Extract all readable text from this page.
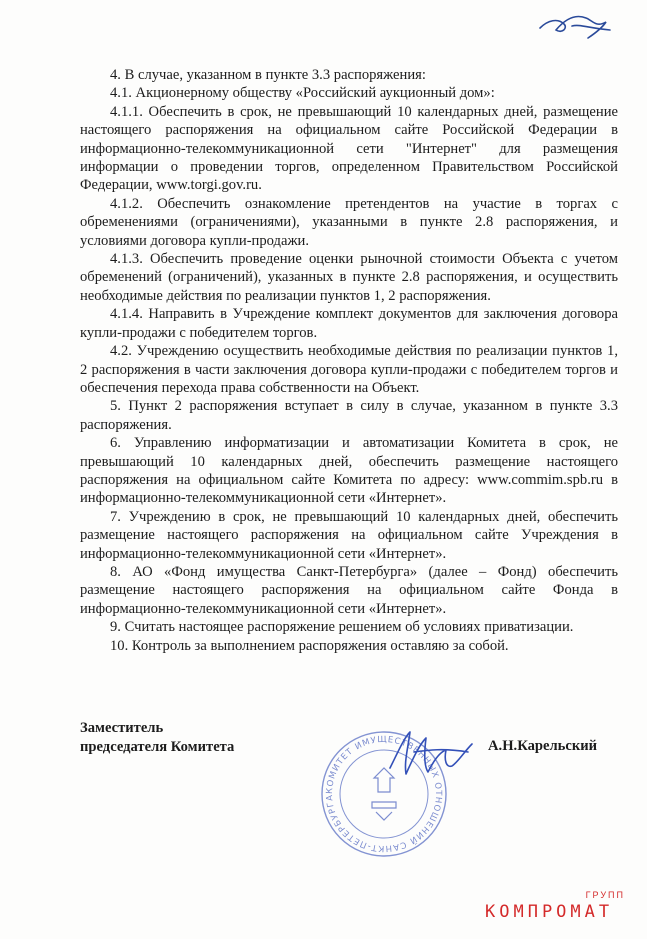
4. В случае, указанном в пункте 3.3 распоряжения:

4.1. Акционерному обществу «Российский аукционный дом»:

4.1.1. Обеспечить в срок, не превышающий 10 календарных дней, размещение настоящего распоряжения на официальном сайте Российской Федерации в информационно-телекоммуникационной сети "Интернет" для размещения информации о проведении торгов, определенном Правительством Российской Федерации, www.torgi.gov.ru.

4.1.2. Обеспечить ознакомление претендентов на участие в торгах с обременениями (ограничениями), указанными в пункте 2.8 распоряжения, и условиями договора купли-продажи.

4.1.3. Обеспечить проведение оценки рыночной стоимости Объекта с учетом обременений (ограничений), указанных в пункте 2.8 распоряжения, и осуществить необходимые действия по реализации пунктов 1, 2 распоряжения.

4.1.4. Направить в Учреждение комплект документов для заключения договора купли-продажи с победителем торгов.

4.2. Учреждению осуществить необходимые действия по реализации пунктов 1, 2 распоряжения в части заключения договора купли-продажи с победителем торгов и обеспечения перехода права собственности на Объект.

5. Пункт 2 распоряжения вступает в силу в случае, указанном в пункте 3.3 распоряжения.

6. Управлению информатизации и автоматизации Комитета в срок, не превышающий 10 календарных дней, обеспечить размещение настоящего распоряжения на официальном сайте Комитета по адресу: www.commim.spb.ru в информационно-телекоммуникационной сети «Интернет».

7. Учреждению в срок, не превышающий 10 календарных дней, обеспечить размещение настоящего распоряжения на официальном сайте Учреждения в информационно-телекоммуникационной сети «Интернет».

8. АО «Фонд имущества Санкт-Петербурга» (далее – Фонд) обеспечить размещение настоящего распоряжения на официальном сайте Фонда в информационно-телекоммуникационной сети «Интернет».

9. Считать настоящее распоряжение решением об условиях приватизации.

10. Контроль за выполнением распоряжения оставляю за собой.

Заместитель
председателя Комитета
КОМИТЕТ ИМУЩЕСТВЕННЫХ ОТНОШЕНИЙ САНКТ-ПЕТЕРБУРГА
А.Н.Карельский
ГРУПП
КОМПРОМАТ
